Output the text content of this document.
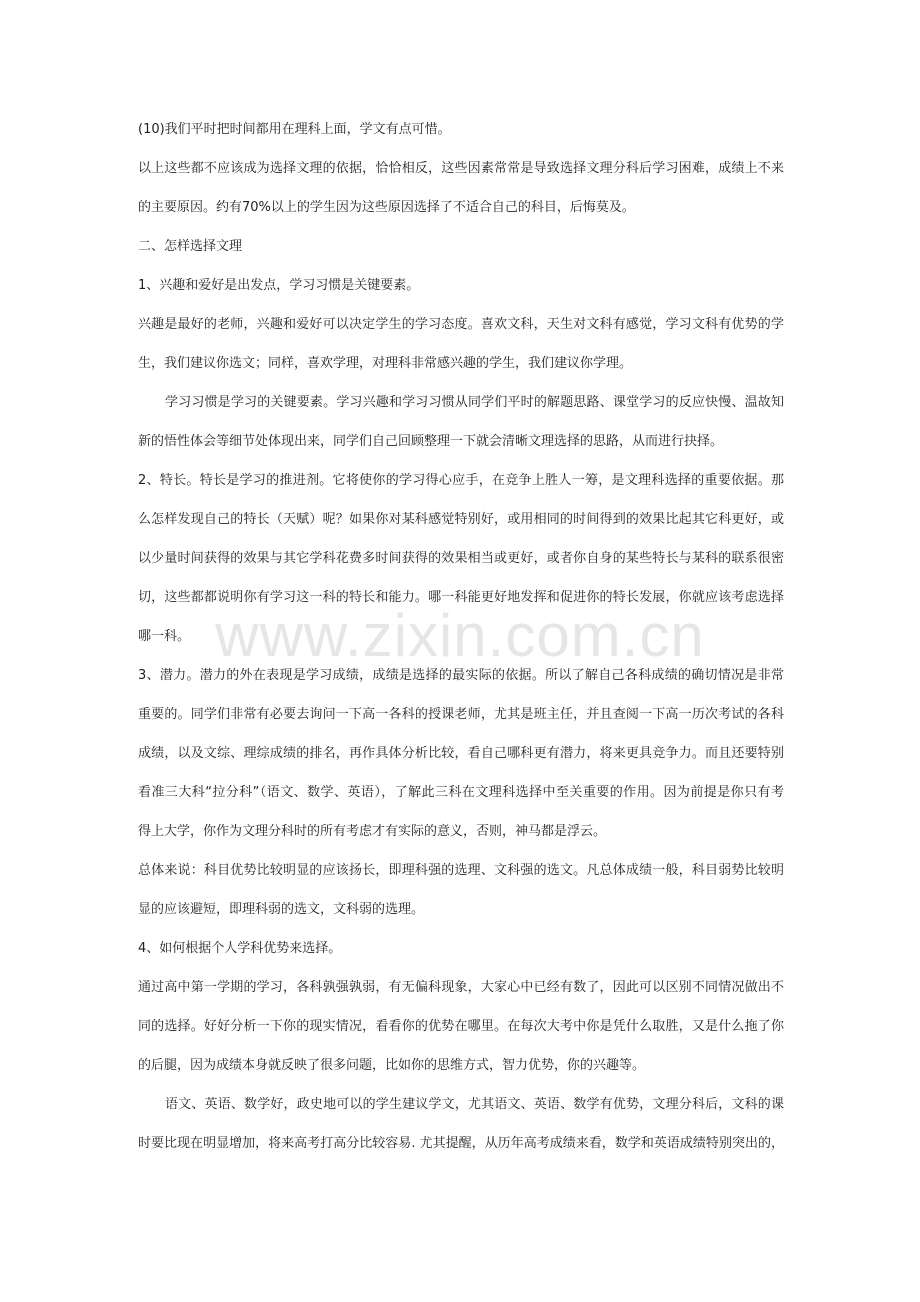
www.zixin.com.cn
(10)我们平时把时间都用在理科上面，学文有点可惜。
以上这些都不应该成为选择文理的依据，恰恰相反，这些因素常常是导致选择文理分科后学习困难，成绩上不来
的主要原因。约有70%以上的学生因为这些原因选择了不适合自己的科目，后悔莫及。
二、怎样选择文理
1、兴趣和爱好是出发点，学习习惯是关键要素。
兴趣是最好的老师，兴趣和爱好可以决定学生的学习态度。喜欢文科，天生对文科有感觉，学习文科有优势的学
生，我们建议你选文；同样，喜欢学理，对理科非常感兴趣的学生，我们建议你学理。
学习习惯是学习的关键要素。学习兴趣和学习习惯从同学们平时的解题思路、课堂学习的反应快慢、温故知
新的悟性体会等细节处体现出来，同学们自己回顾整理一下就会清晰文理选择的思路，从而进行抉择。
2、特长。特长是学习的推进剂。它将使你的学习得心应手，在竞争上胜人一筹，是文理科选择的重要依据。那
么怎样发现自己的特长（天赋）呢？如果你对某科感觉特别好，或用相同的时间得到的效果比起其它科更好，或
以少量时间获得的效果与其它学科花费多时间获得的效果相当或更好，或者你自身的某些特长与某科的联系很密
切，这些都都说明你有学习这一科的特长和能力。哪一科能更好地发挥和促进你的特长发展，你就应该考虑选择
哪一科。
3、潜力。潜力的外在表现是学习成绩，成绩是选择的最实际的依据。所以了解自己各科成绩的确切情况是非常
重要的。同学们非常有必要去询问一下高一各科的授课老师，尤其是班主任，并且查阅一下高一历次考试的各科
成绩，以及文综、理综成绩的排名，再作具体分析比较，看自己哪科更有潜力，将来更具竞争力。而且还要特别
看准三大科“拉分科”（语文、数学、英语），了解此三科在文理科选择中至关重要的作用。因为前提是你只有考
得上大学，你作为文理分科时的所有考虑才有实际的意义，否则，神马都是浮云。
总体来说：科目优势比较明显的应该扬长，即理科强的选理、文科强的选文。凡总体成绩一般，科目弱势比较明
显的应该避短，即理科弱的选文，文科弱的选理。
4、如何根据个人学科优势来选择。
通过高中第一学期的学习，各科孰强孰弱，有无偏科现象，大家心中已经有数了，因此可以区别不同情况做出不
同的选择。好好分析一下你的现实情况，看看你的优势在哪里。在每次大考中你是凭什么取胜，又是什么拖了你
的后腿，因为成绩本身就反映了很多问题，比如你的思维方式，智力优势，你的兴趣等。
语文、英语、数学好，政史地可以的学生建议学文，尤其语文、英语、数学有优势，文理分科后，文科的课
时要比现在明显增加，将来高考打高分比较容易. 尤其提醒，从历年高考成绩来看，数学和英语成绩特别突出的，
